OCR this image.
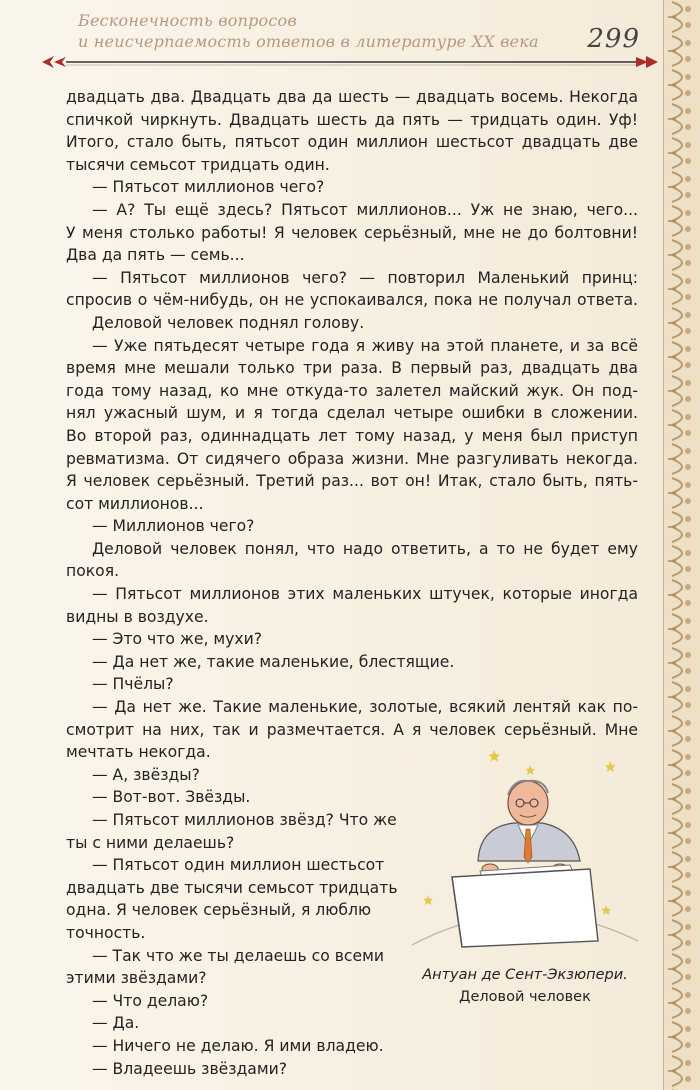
Бесконечность вопросов
и неисчерпаемость ответов в литературе XX века	299
двадцать два. Двадцать два да шесть — двадцать восемь. Некогда
спичкой чиркнуть. Двадцать шесть да пять — тридцать один. Уф!
Итого, стало быть, пятьсот один миллион шестьсот двадцать две
тысячи семьсот тридцать один.
— Пятьсот миллионов чего?
— А? Ты ещё здесь? Пятьсот миллионов... Уж не знаю, чего...
У меня столько работы! Я человек серьёзный, мне не до болтовни!
Два да пять — семь...
— Пятьсот миллионов чего? — повторил Маленький принц:
спросив о чём-нибудь, он не успокаивался, пока не получал ответа.
Деловой человек поднял голову.
— Уже пятьдесят четыре года я живу на этой планете, и за всё
время мне мешали только три раза. В первый раз, двадцать два
года тому назад, ко мне откуда-то залетел майский жук. Он под-
нял ужасный шум, и я тогда сделал четыре ошибки в сложении.
Во второй раз, одиннадцать лет тому назад, у меня был приступ
ревматизма. От сидячего образа жизни. Мне разгуливать некогда.
Я человек серьёзный. Третий раз... вот он! Итак, стало быть, пять-
сот миллионов...
— Миллионов чего?
Деловой человек понял, что надо ответить, а то не будет ему
покоя.
— Пятьсот миллионов этих маленьких штучек, которые иногда
видны в воздухе.
— Это что же, мухи?
— Да нет же, такие маленькие, блестящие.
— Пчёлы?
— Да нет же. Такие маленькие, золотые, всякий лентяй как по-
смотрит на них, так и размечтается. А я человек серьёзный. Мне
мечтать некогда.
— А, звёзды?
— Вот-вот. Звёзды.
— Пятьсот миллионов звёзд? Что же
ты с ними делаешь?
— Пятьсот один миллион шестьсот
двадцать две тысячи семьсот тридцать
одна. Я человек серьёзный, я люблю
точность.
— Так что же ты делаешь со всеми
этими звёздами?
— Что делаю?
— Да.
— Ничего не делаю. Я ими владею.
— Владеешь звёздами?
Антуан де Сент-Экзюпери.
Деловой человек
